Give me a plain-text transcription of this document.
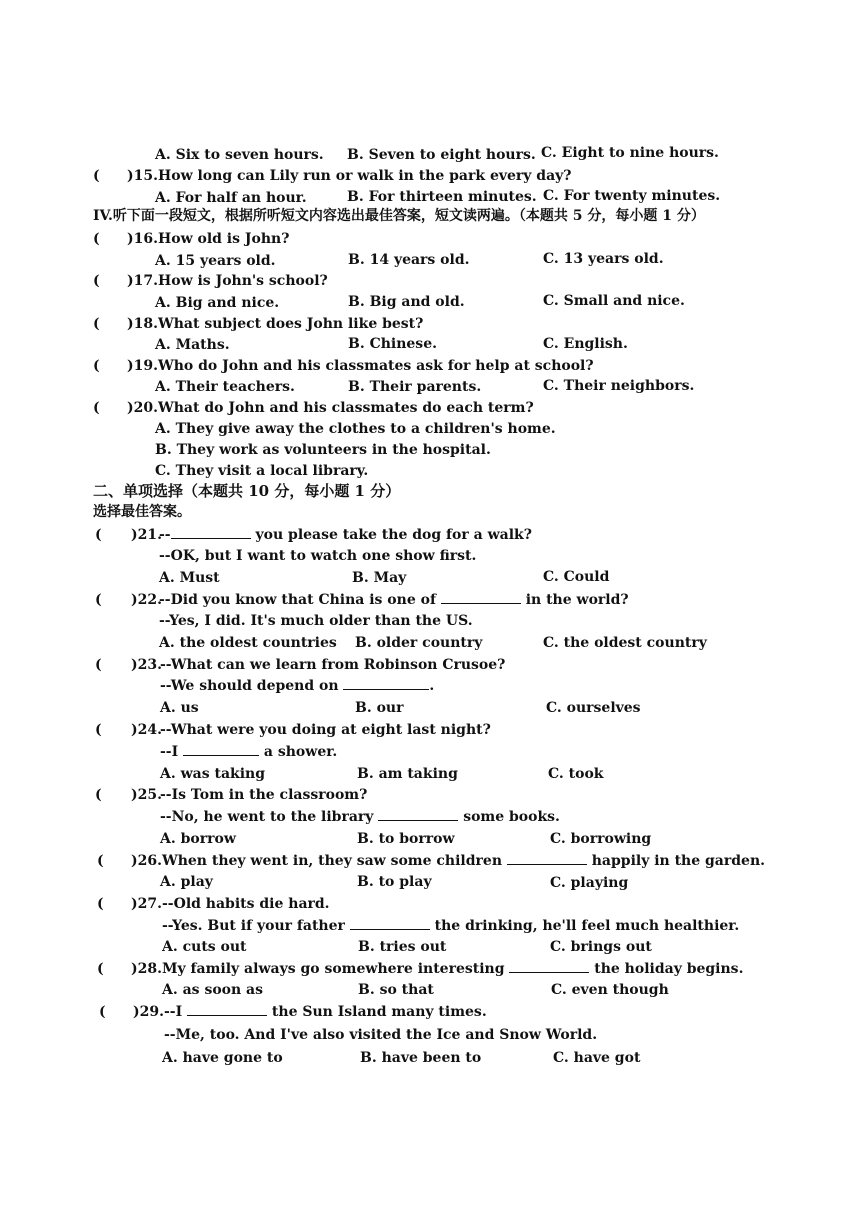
A. Six to seven hours. B. Seven to eight hours. C. Eight to nine hours.
( )15. How long can Lily run or walk in the park every day?
A. For half an hour.	B. For thirteen minutes. C. For twenty minutes.
IV.听下面一段短文，根据所听短文内容选出最佳答案，短文读两遍。（本题共 5 分，每小题 1 分）
( )16. How old is John?
A. 15 years old.	B. 14 years old.	C. 13 years old.
( )17. How is John's school?
A. Big and nice.	B. Big and old.	C. Small and nice.
( )18. What subject does John like best?
A. Maths.	B. Chinese.	C. English.
( )19. Who do John and his classmates ask for help at school?
A. Their teachers.	B. Their parents.	C. Their neighbors.
( )20. What do John and his classmates do each term?
A. They give away the clothes to a children's home.
B. They work as volunteers in the hospital.
C. They visit a local library.
二、单项选择（本题共 10 分，每小题 1 分）
选择最佳答案。
( )21.
--	you please take the dog for a walk?
--OK, but I want to watch one show first.
A. Must	B. May	C. Could
( )22.
--Did you know that China is one of	in the world?
--Yes, I did. It's much older than the US.
A. the oldest countries B. older country	C. the oldest country
( )23.
--What can we learn from Robinson Crusoe?
--We should depend on	.
A. us	B. our	C. ourselves
( )24.
--What were you doing at eight last night?
--I	a shower.
A. was taking	B. am taking	C. took
( )25.
--Is Tom in the classroom?
--No, he went to the library	some books.
A. borrow	B. to borrow	C. borrowing
( )26. When they went in, they saw some children	happily in the garden.
A. play	B. to play	C. playing
( )27. --Old habits die hard.
--Yes. But if your father	the drinking, he'll feel much healthier.
A. cuts out	B. tries out	C. brings out
( )28. My family always go somewhere interesting	the holiday begins.
A. as soon as	B. so that	C. even though
( )29. --I	the Sun Island many times.
--Me, too. And I've also visited the Ice and Snow World.
A. have gone to	B. have been to	C. have got
